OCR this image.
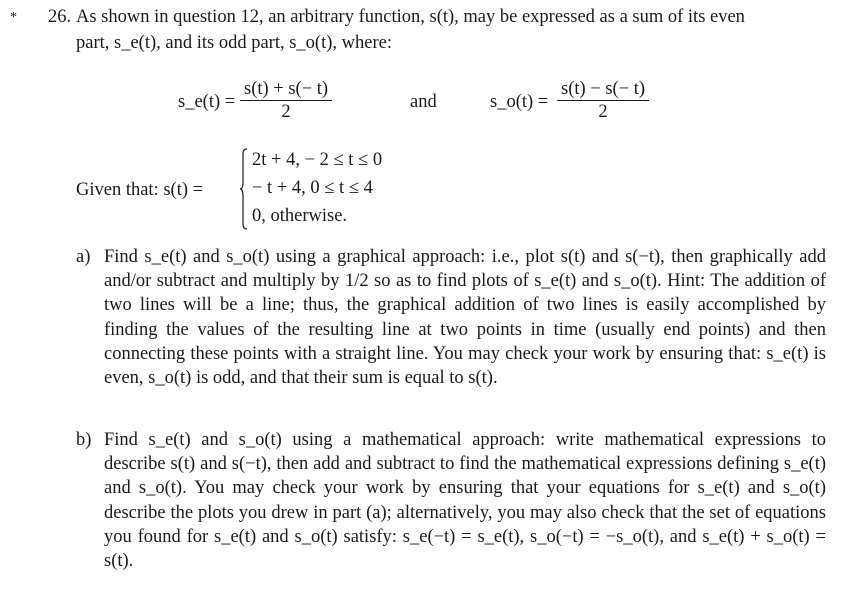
* 26. As shown in question 12, an arbitrary function, s(t), may be expressed as a sum of its even
part, s_e(t), and its odd part, s_o(t), where:
s_e(t) = $\frac{s(t) + s(- t)}{2}$	and	s_o(t) = $\frac{s(t) - s(- t)}{2}$
Given that: s(t) =
2t + 4, − 2 ≤ t ≤ 0
− t + 4, 0 ≤ t ≤ 4
0, otherwise.
a) Find s_e(t) and s_o(t) using a graphical approach: i.e., plot s(t) and s(−t), then graphically add and/or subtract and multiply by 1/2 so as to find plots of s_e(t) and s_o(t). Hint: The addition of two lines will be a line; thus, the graphical addition of two lines is easily accomplished by finding the values of the resulting line at two points in time (usually end points) and then connecting these points with a straight line. You may check your work by ensuring that: s_e(t) is even, s_o(t) is odd, and that their sum is equal to s(t).
b) Find s_e(t) and s_o(t) using a mathematical approach: write mathematical expressions to describe s(t) and s(−t), then add and subtract to find the mathematical expressions defining s_e(t) and s_o(t). You may check your work by ensuring that your equations for s_e(t) and s_o(t) describe the plots you drew in part (a); alternatively, you may also check that the set of equations you found for s_e(t) and s_o(t) satisfy: s_e(−t) = s_e(t), s_o(−t) = −s_o(t), and s_e(t) + s_o(t) = s(t).
